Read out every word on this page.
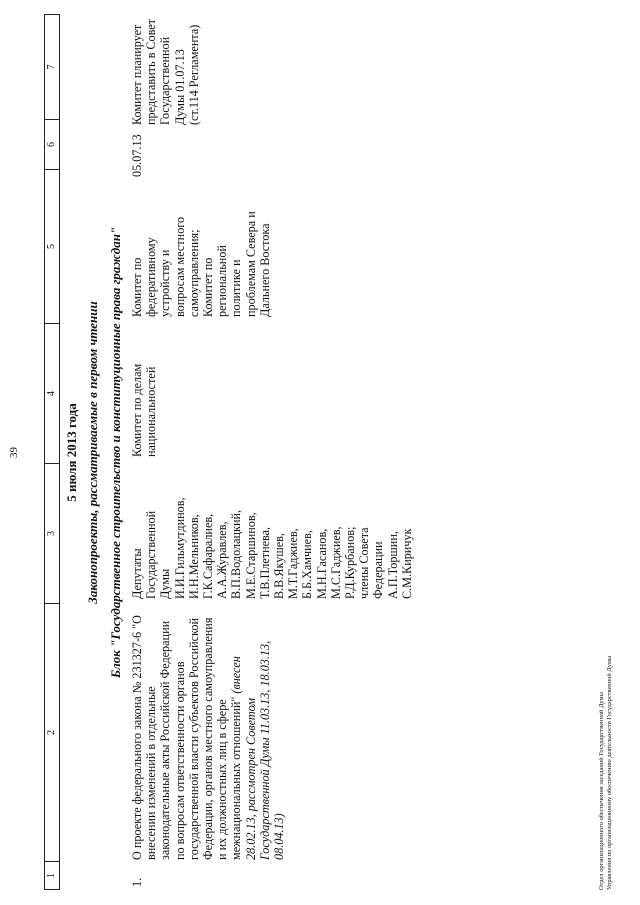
39
1
2
3
4
5
6
7
5 июля 2013 года Законопроекты, рассматриваемые в первом чтении Блок "Государственное строительство и конституционные права граждан"
1.
О проекте федерального закона № 231327-6 "О внесении изменений в отдельные законодательные акты Российской Федерации по вопросам ответственности органов государственной власти субъектов Российской Федерации, органов местного самоуправления и их должностных лиц в сфере межнациональных отношений" (внесен 28.02.13, рассмотрен Советом Государственной Думы 11.03.13, 18.03.13, 08.04.13)
Депутаты Государственной Думы И.И.Гильмутдинов, И.Н.Мельников, Г.К.Сафаралиев, А.А.Журавлев, В.П.Водолацкий, М.Е.Старшинов, Т.В.Плетнева, В.В.Якушев, М.Т.Гаджиев, Б.Б.Хамчиев, М.Н.Гасанов, М.С.Гаджиев, Р.Д.Курбанов; члены Совета Федерации А.П.Торшин, С.М.Киричук
Комитет по делам национальностей
Комитет по федеративному устройству и вопросам местного самоуправления; Комитет по региональной политике и проблемам Севера и Дальнего Востока
05.07.13
Комитет планирует представить в Совет Государственной Думы 01.07.13 (ст.114 Регламента)
Отдел организационного обеспечения заседаний Государственной Думы Управления по организационному обеспечению деятельности Государственной Думы
